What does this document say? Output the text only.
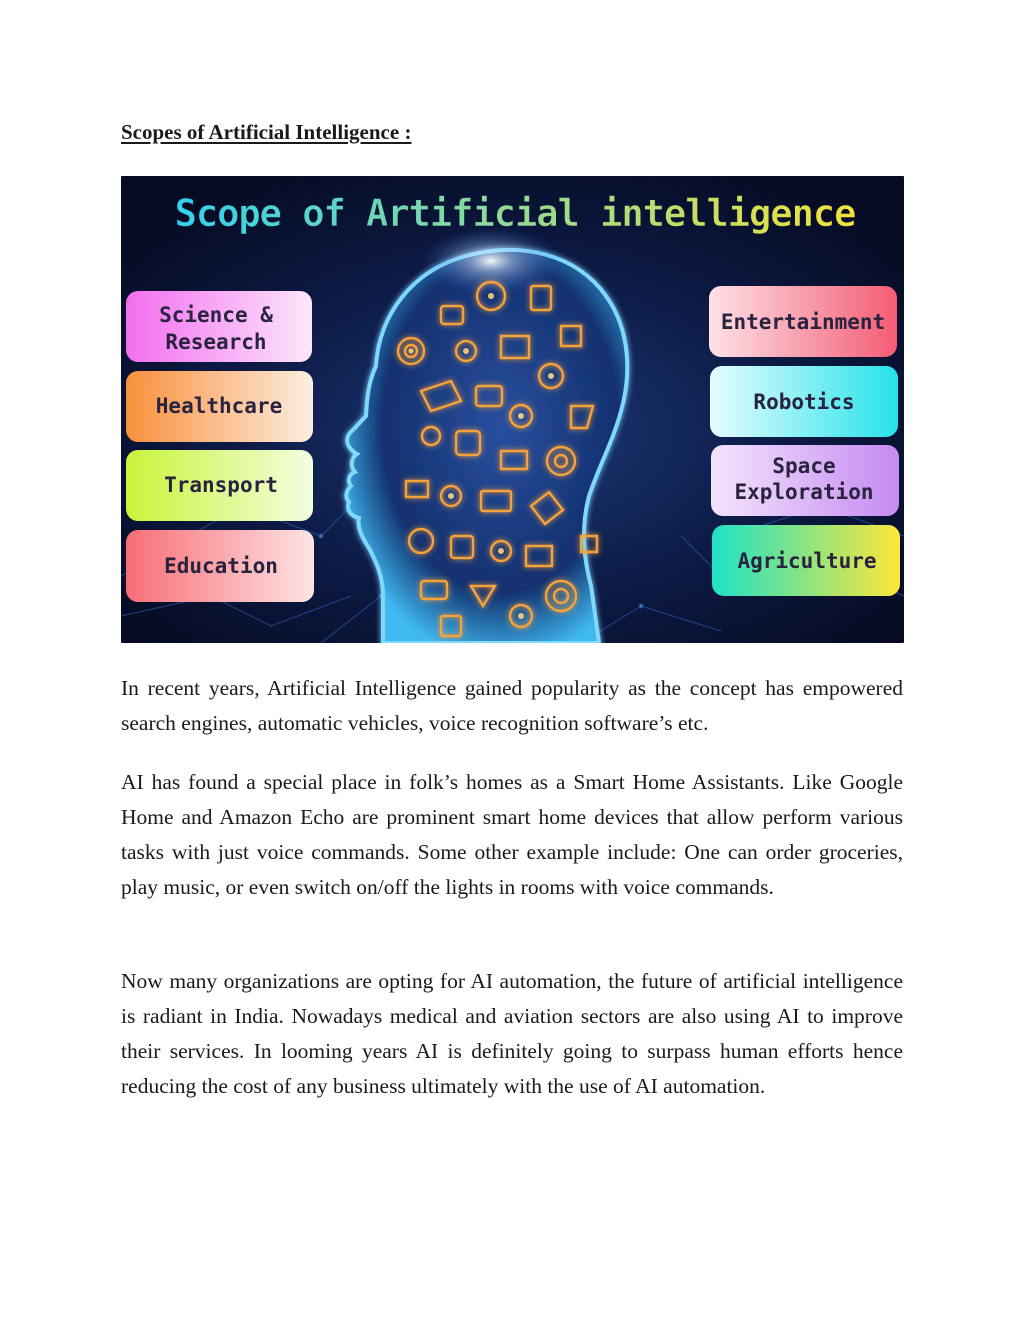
Scopes of Artificial Intelligence :
Scope of Artificial intelligence
Science &
Research
Healthcare
Transport
Education
Entertainment
Robotics
Space
Exploration
Agriculture

In recent years, Artificial Intelligence gained popularity as the concept has empowered search engines, automatic vehicles, voice recognition software’s etc.

AI has found a special place in folk’s homes as a Smart Home Assistants. Like Google Home and Amazon Echo are prominent smart home devices that allow perform various tasks with just voice commands. Some other example include: One can order groceries, play music, or even switch on/off the lights in rooms with voice commands.

Now many organizations are opting for AI automation, the future of artificial intelligence is radiant in India. Nowadays medical and aviation sectors are also using AI to improve their services. In looming years AI is definitely going to surpass human efforts hence reducing the cost of any business ultimately with the use of AI automation.
